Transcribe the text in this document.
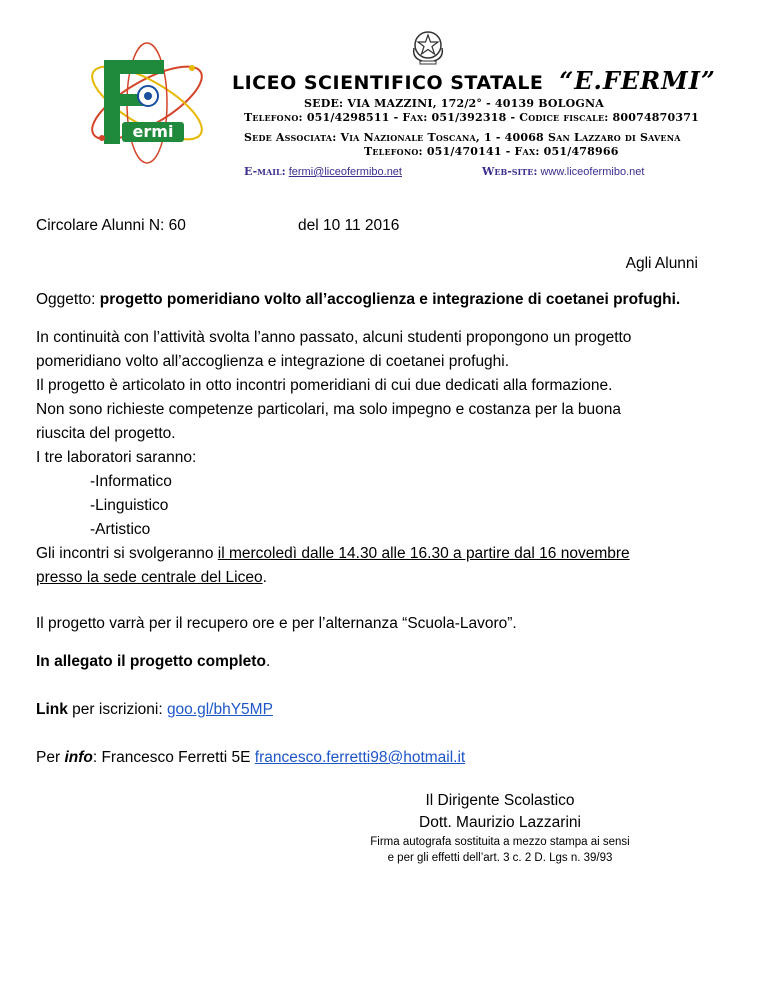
ermi
LICEO SCIENTIFICO STATALE “E.FERMI”
SEDE: VIA MAZZINI, 172/2° - 40139 BOLOGNA
Telefono: 051/4298511 - Fax: 051/392318 - Codice fiscale: 80074870371
Sede Associata: Via Nazionale Toscana, 1 - 40068 San Lazzaro di Savena
Telefono: 051/470141 - Fax: 051/478966
E-mail: fermi@liceofermibo.net	Web-site: www.liceofermibo.net
Circolare Alunni N: 60	del 10 11 2016
Agli Alunni
Oggetto: progetto pomeridiano volto all’accoglienza e integrazione di coetanei profughi.
In continuità con l’attività svolta l’anno passato, alcuni studenti propongono un progetto
pomeridiano volto all’accoglienza e integrazione di coetanei profughi.
Il progetto è articolato in otto incontri pomeridiani di cui due dedicati alla formazione.
Non sono richieste competenze particolari, ma solo impegno e costanza per la buona
riuscita del progetto.
I tre laboratori saranno:
-Informatico
-Linguistico
-Artistico
Gli incontri si svolgeranno il mercoledì dalle 14.30 alle 16.30 a partire dal 16 novembre
presso la sede centrale del Liceo.
Il progetto varrà per il recupero ore e per l’alternanza “Scuola-Lavoro”.
In allegato il progetto completo.
Link per iscrizioni: goo.gl/bhY5MP
Per info: Francesco Ferretti 5E francesco.ferretti98@hotmail.it
Il Dirigente Scolastico
Dott. Maurizio Lazzarini
Firma autografa sostituita a mezzo stampa ai sensi
e per gli effetti dell’art. 3 c. 2 D. Lgs n. 39/93
